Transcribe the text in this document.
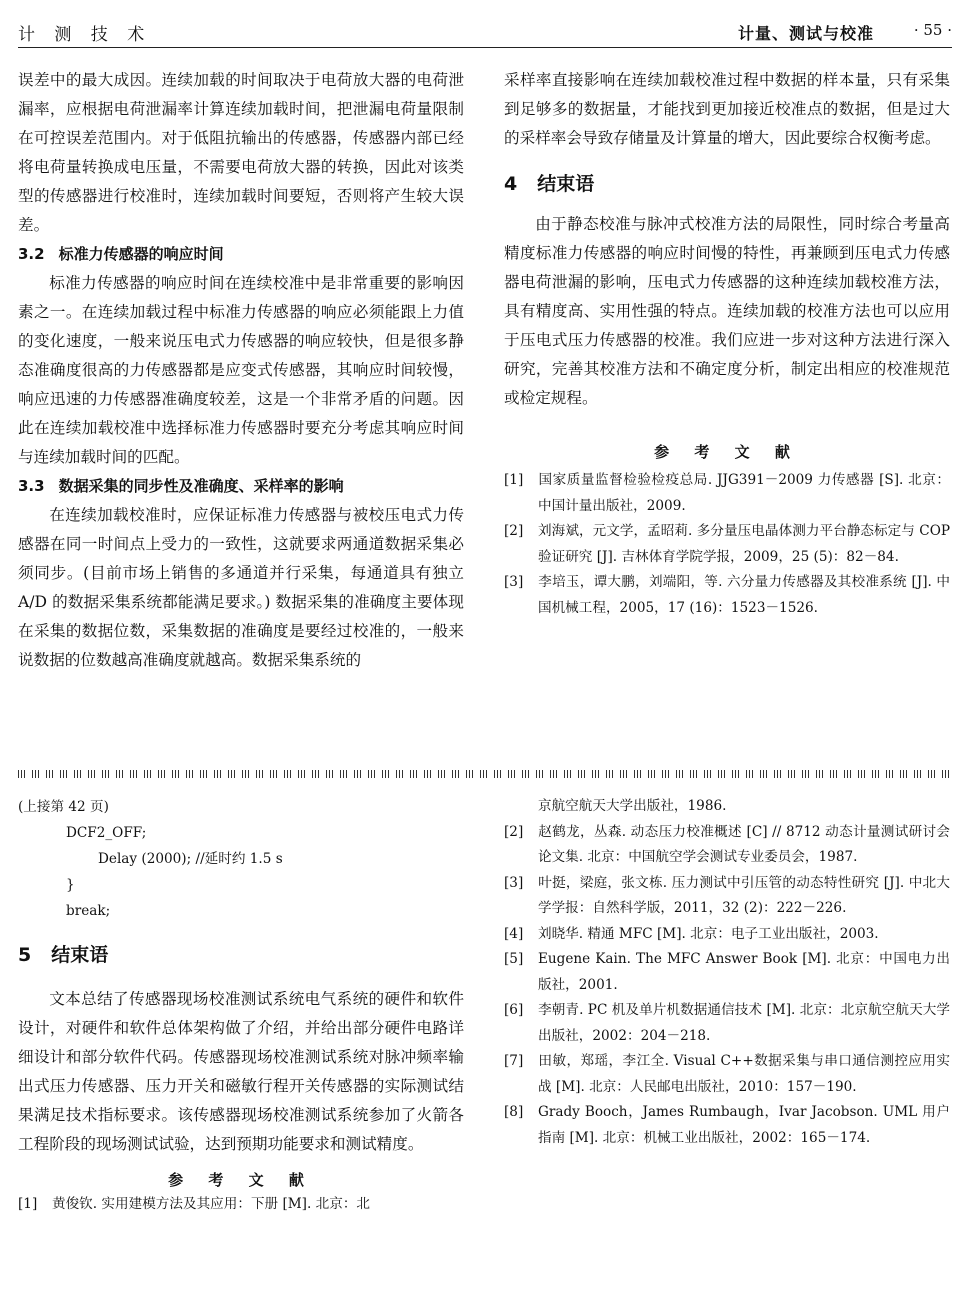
计 测 技 术	计量、测试与校准	· 55 ·

误差中的最大成因。连续加载的时间取决于电荷放大器的电荷泄漏率，应根据电荷泄漏率计算连续加载时间，把泄漏电荷量限制在可控误差范围内。对于低阻抗输出的传感器，传感器内部已经将电荷量转换成电压量，不需要电荷放大器的转换，因此对该类型的传感器进行校准时，连续加载时间要短，否则将产生较大误差。

3.2 标准力传感器的响应时间

标准力传感器的响应时间在连续校准中是非常重要的影响因素之一。在连续加载过程中标准力传感器的响应必须能跟上力值的变化速度，一般来说压电式力传感器的响应较快，但是很多静态准确度很高的力传感器都是应变式传感器，其响应时间较慢，响应迅速的力传感器准确度较差，这是一个非常矛盾的问题。因此在连续加载校准中选择标准力传感器时要充分考虑其响应时间与连续加载时间的匹配。

3.3 数据采集的同步性及准确度、采样率的影响

在连续加载校准时，应保证标准力传感器与被校压电式力传感器在同一时间点上受力的一致性，这就要求两通道数据采集必须同步。(目前市场上销售的多通道并行采集，每通道具有独立 A/D 的数据采集系统都能满足要求。) 数据采集的准确度主要体现在采集的数据位数，采集数据的准确度是要经过校准的，一般来说数据的位数越高准确度就越高。数据采集系统的

采样率直接影响在连续加载校准过程中数据的样本量，只有采集到足够多的数据量，才能找到更加接近校准点的数据，但是过大的采样率会导致存储量及计算量的增大，因此要综合权衡考虑。

4 结束语

由于静态校准与脉冲式校准方法的局限性，同时综合考量高精度标准力传感器的响应时间慢的特性，再兼顾到压电式力传感器电荷泄漏的影响，压电式力传感器的这种连续加载校准方法，具有精度高、实用性强的特点。连续加载的校准方法也可以应用于压电式压力传感器的校准。我们应进一步对这种方法进行深入研究，完善其校准方法和不确定度分析，制定出相应的校准规范或检定规程。

参 考 文 献
[1] 国家质量监督检验检疫总局. JJG391－2009 力传感器 [S]. 北京：中国计量出版社，2009.
[2] 刘海斌，元文学，孟昭莉. 多分量压电晶体测力平台静态标定与 COP 验证研究 [J]. 吉林体育学院学报，2009，25 (5)：82－84.
[3] 李培玉，谭大鹏，刘端阳，等. 六分量力传感器及其校准系统 [J]. 中国机械工程，2005，17 (16)：1523－1526.
(上接第 42 页)
DCF2_OFF;
Delay (2000); //延时约 1.5 s
}
break;
5 结束语

文本总结了传感器现场校准测试系统电气系统的硬件和软件设计，对硬件和软件总体架构做了介绍，并给出部分硬件电路详细设计和部分软件代码。传感器现场校准测试系统对脉冲频率输出式压力传感器、压力开关和磁敏行程开关传感器的实际测试结果满足技术指标要求。该传感器现场校准测试系统参加了火箭各工程阶段的现场测试试验，达到预期功能要求和测试精度。

参 考 文 献
[1] 黄俊钦. 实用建模方法及其应用：下册 [M]. 北京：北
京航空航天大学出版社，1986.
[2] 赵鹤龙，丛森. 动态压力校准概述 [C] // 8712 动态计量测试研讨会论文集. 北京：中国航空学会测试专业委员会，1987.
[3] 叶挺，梁庭，张文栋. 压力测试中引压管的动态特性研究 [J]. 中北大学学报：自然科学版，2011，32 (2)：222－226.
[4] 刘晓华. 精通 MFC [M]. 北京：电子工业出版社，2003.
[5] Eugene Kain. The MFC Answer Book [M]. 北京：中国电力出版社，2001.
[6] 李朝青. PC 机及单片机数据通信技术 [M]. 北京：北京航空航天大学出版社，2002：204－218.
[7] 田敏，郑瑶，李江全. Visual C++数据采集与串口通信测控应用实战 [M]. 北京：人民邮电出版社，2010：157－190.
[8] Grady Booch，James Rumbaugh，Ivar Jacobson. UML 用户指南 [M]. 北京：机械工业出版社，2002：165－174.
